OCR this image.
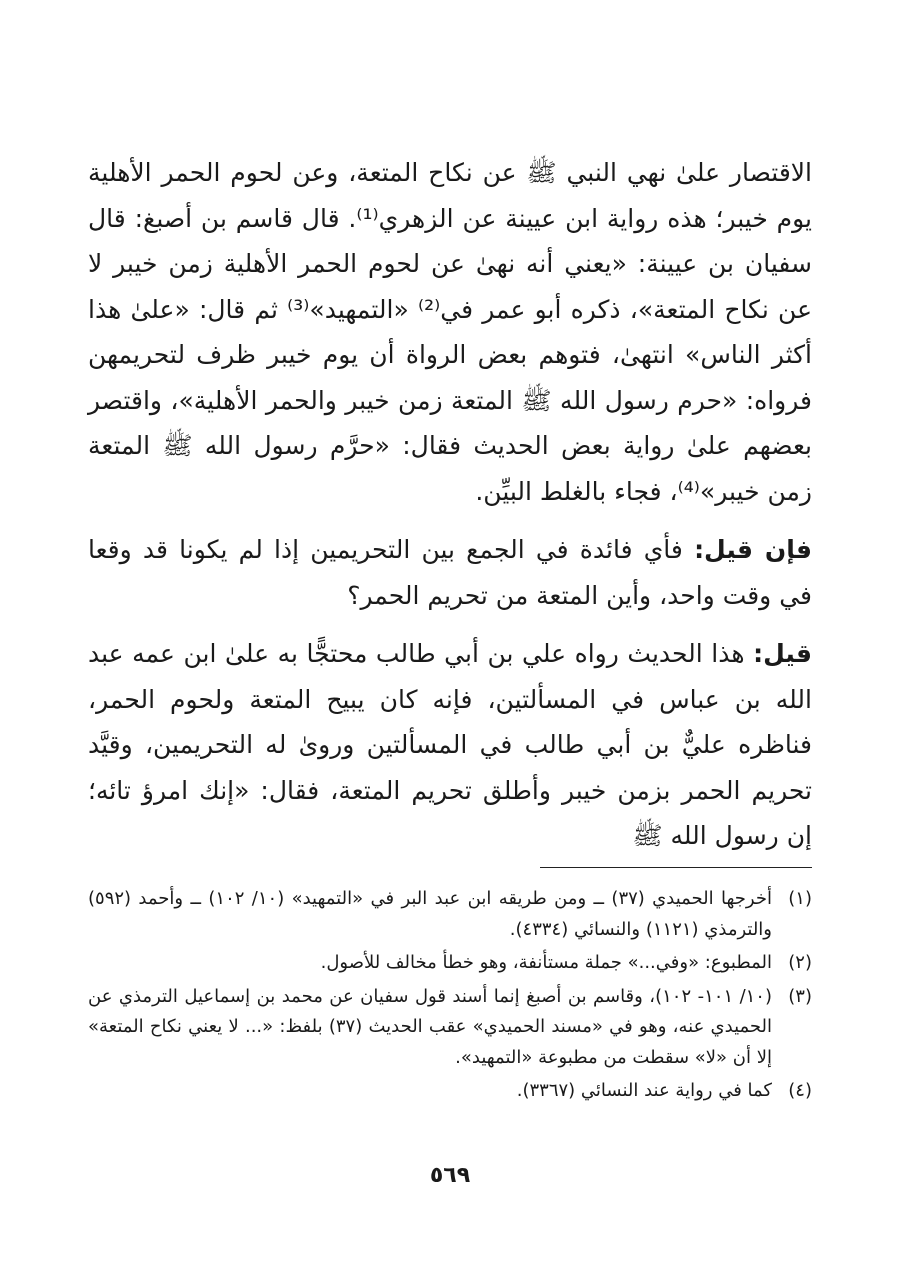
الاقتصار علىٰ نهي النبي ﷺ عن نكاح المتعة، وعن لحوم الحمر الأهلية يوم خيبر؛ هذه رواية ابن عيينة عن الزهري⁽¹⁾. قال قاسم بن أصبغ: قال سفيان بن عيينة: «يعني أنه نهىٰ عن لحوم الحمر الأهلية زمن خيبر لا عن نكاح المتعة»، ذكره أبو عمر في⁽²⁾ «التمهيد»⁽³⁾ ثم قال: «علىٰ هذا أكثر الناس» انتهىٰ، فتوهم بعض الرواة أن يوم خيبر ظرف لتحريمهن فرواه: «حرم رسول الله ﷺ المتعة زمن خيبر والحمر الأهلية»، واقتصر بعضهم علىٰ رواية بعض الحديث فقال: «حرَّم رسول الله ﷺ المتعة زمن خيبر»⁽⁴⁾، فجاء بالغلط البيِّن.

فإن قيل: فأي فائدة في الجمع بين التحريمين إذا لم يكونا قد وقعا في وقت واحد، وأين المتعة من تحريم الحمر؟

قيل: هذا الحديث رواه علي بن أبي طالب محتجًّا به علىٰ ابن عمه عبد الله بن عباس في المسألتين، فإنه كان يبيح المتعة ولحوم الحمر، فناظره عليٌّ بن أبي طالب في المسألتين وروىٰ له التحريمين، وقيَّد تحريم الحمر بزمن خيبر وأطلق تحريم المتعة، فقال: «إنك امرؤ تائه؛ إن رسول الله ﷺ

(١)
أخرجها الحميدي (٣٧) ــ ومن طريقه ابن عبد البر في «التمهيد» (١٠/ ١٠٢) ــ وأحمد (٥٩٢) والترمذي (١١٢١) والنسائي (٤٣٣٤).
(٢)
المطبوع: «وفي...» جملة مستأنفة، وهو خطأ مخالف للأصول.
(٣)
(١٠/ ١٠١- ١٠٢)، وقاسم بن أصبغ إنما أسند قول سفيان عن محمد بن إسماعيل الترمذي عن الحميدي عنه، وهو في «مسند الحميدي» عقب الحديث (٣٧) بلفظ: «... لا يعني نكاح المتعة» إلا أن «لا» سقطت من مطبوعة «التمهيد».
(٤)
كما في رواية عند النسائي (٣٣٦٧).
٥٦٩
